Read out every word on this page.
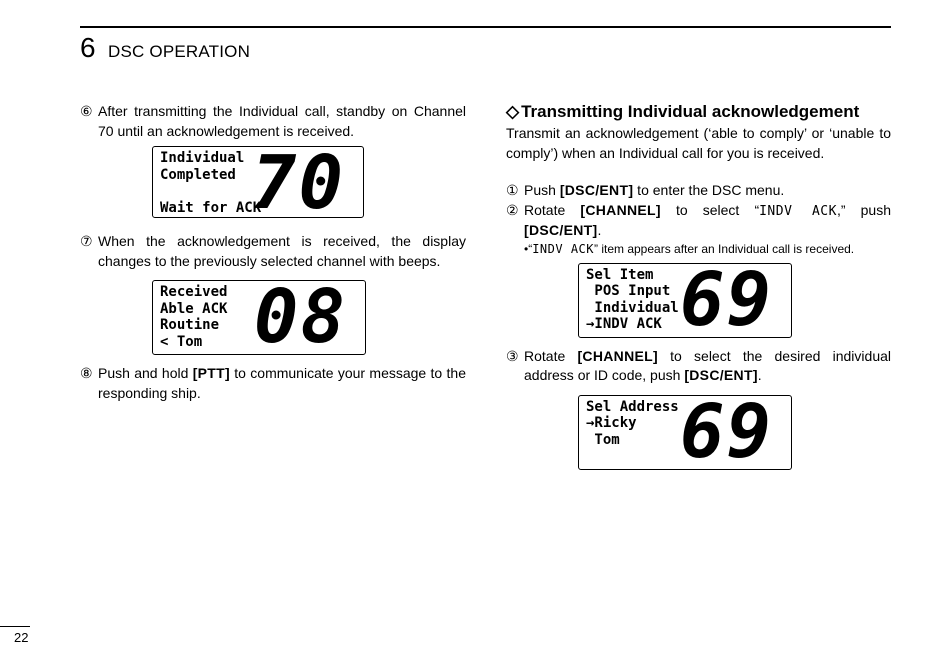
6 DSC OPERATION
⑥ After transmitting the Individual call, standby on Channel 70 until an acknowledgement is received.
Individual
Completed

Wait for ACK
70
⑦ When the acknowledgement is received, the display changes to the previously selected channel with beeps.
Received
Able ACK
Routine
< Tom 08
⑧ Push and hold [PTT] to communicate your message to the responding ship.
◇ Transmitting Individual acknowledgement
Transmit an acknowledgement (‘able to comply’ or ‘unable to comply’) when an Individual call for you is received.
① Push [DSC/ENT] to enter the DSC menu.
② Rotate [CHANNEL] to select “INDV ACK,” push [DSC/ENT].
•“INDV ACK” item appears after an Individual call is received.
Sel Item
POS Input
Individual
→INDV ACK 69
③ Rotate [CHANNEL] to select the desired individual address or ID code, push [DSC/ENT].
Sel Address
→Ricky
Tom 69
22
